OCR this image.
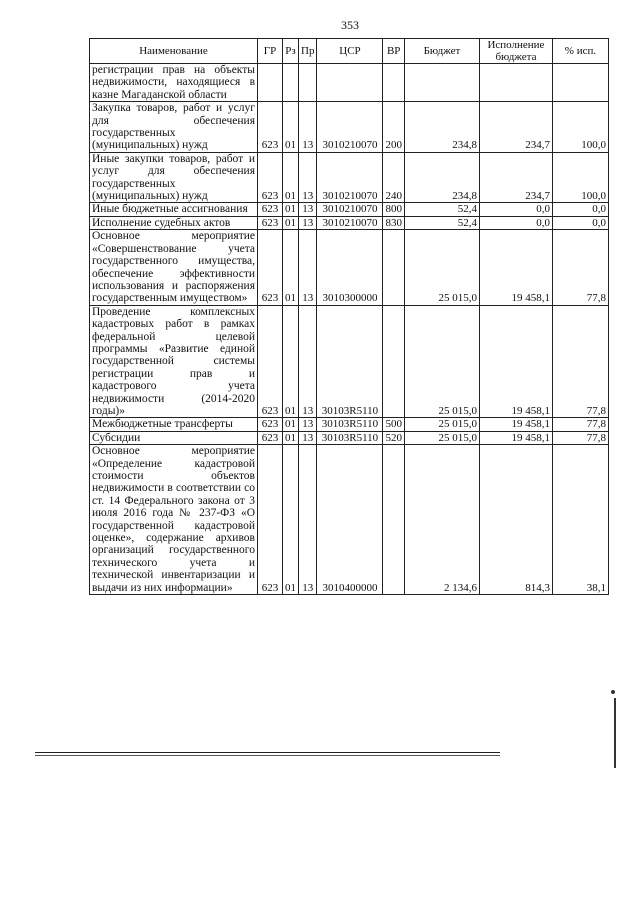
353
Наименование	ГР	Рз	Пр	ЦСР	ВР	Бюджет	Исполнение бюджета	% исп.
регистрации прав на объекты недвижимости, находящиеся в казне Магаданской области								
Закупка товаров, работ и услуг для обеспечения государственных (муниципальных) нужд	623	01	13	3010210070	200	234,8	234,7	100,0
Иные закупки товаров, работ и услуг для обеспечения государственных (муниципальных) нужд	623	01	13	3010210070	240	234,8	234,7	100,0
Иные бюджетные ассигнования	623	01	13	3010210070	800	52,4	0,0	0,0
Исполнение судебных актов	623	01	13	3010210070	830	52,4	0,0	0,0
Основное мероприятие «Совершенствование учета государственного имущества, обеспечение эффективности использования и распоряжения государственным имуществом»	623	01	13	3010300000		25 015,0	19 458,1	77,8
Проведение комплексных кадастровых работ в рамках федеральной целевой программы «Развитие единой государственной системы регистрации прав и кадастрового учета недвижимости (2014-2020 годы)»	623	01	13	30103R5110		25 015,0	19 458,1	77,8
Межбюджетные трансферты	623	01	13	30103R5110	500	25 015,0	19 458,1	77,8
Субсидии	623	01	13	30103R5110	520	25 015,0	19 458,1	77,8
Основное мероприятие «Определение кадастровой стоимости объектов недвижимости в соответствии со ст. 14 Федерального закона от 3 июля 2016 года № 237-ФЗ «О государственной кадастровой оценке», содержание архивов организаций государственного технического учета и технической инвентаризации и выдачи из них информации»	623	01	13	3010400000		2 134,6	814,3	38,1
